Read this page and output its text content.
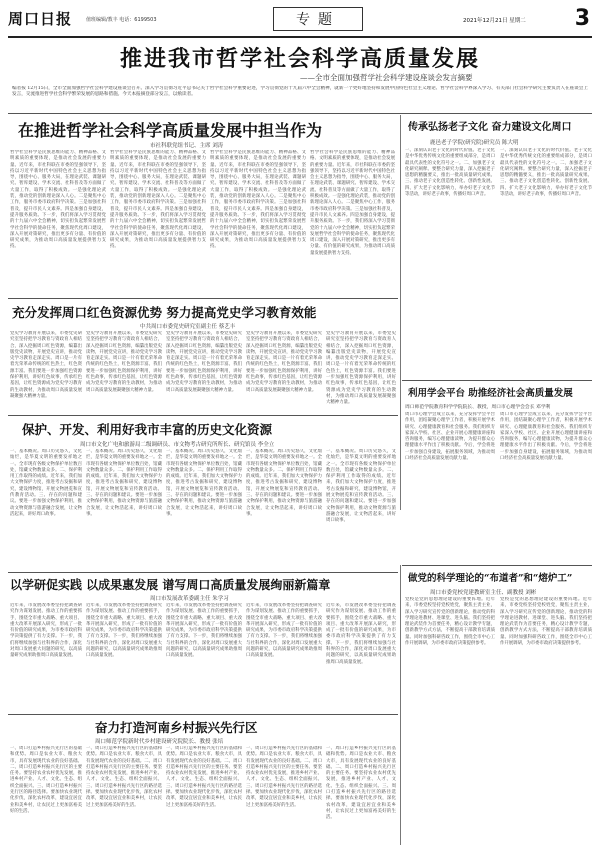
周口日报	值班编辑/教丰 电话：6199503	专题	2021年12月21日 星期二 3
推进我市哲学社会科学高质量发展
——全市全面加强哲学社会科学建设座谈会发言摘要
编者按 12月15日，全市全面加强哲学社会科学建设座谈会召开。深入学习贯彻习近平总书记关于哲学社会科学重要论述，学习贯彻党的十九届六中全会精神，就新一个更好地坚持和发展中国特色社会主义理论、哲学社会科学界深入学习、有关部门社会科学研究主要负责人在座谈会上发言，交流推进哲学社会科学繁荣发展的思路和措施。今天本报摘登部分发言，以飨读者。
在推进哲学社会科学高质量发展中担当作为
市社科联党组书记、主席 刘涛
哲学社会科学是民族思维的能力、精神品格、文明素质的重要体现，是推动社会发展的重要力量。近年来，市社科联在市委的坚强领导下，坚持以习近平新时代中国特色社会主义思想为指导，围绕中心、服务大局，在理论武装、课题研究、智库建设、学术交流、社科普及等方面做了大量工作，取得了积极成效。一是强化理论武装，推动党的创新理论深入人心。二是聚焦中心工作，服务市委市政府科学决策。三是加强社科普及，提升市民人文素养。四是加强自身建设，提升服务质效。下一步，我们将深入学习贯彻党的十九届六中全会精神，切实担负起繁荣发展哲学社会科学的使命任务，聚焦现代化周口建设，深入开展对策研究，推出更多有分量、有价值的研究成果，为推动周口高质量发展提供智力支持。
哲学社会科学是民族思维的能力、精神品格、文明素质的重要体现，是推动社会发展的重要力量。近年来，市社科联在市委的坚强领导下，坚持以习近平新时代中国特色社会主义思想为指导，围绕中心、服务大局，在理论武装、课题研究、智库建设、学术交流、社科普及等方面做了大量工作，取得了积极成效。一是强化理论武装，推动党的创新理论深入人心。二是聚焦中心工作，服务市委市政府科学决策。三是加强社科普及，提升市民人文素养。四是加强自身建设，提升服务质效。下一步，我们将深入学习贯彻党的十九届六中全会精神，切实担负起繁荣发展哲学社会科学的使命任务，聚焦现代化周口建设，深入开展对策研究，推出更多有分量、有价值的研究成果，为推动周口高质量发展提供智力支持。
哲学社会科学是民族思维的能力、精神品格、文明素质的重要体现，是推动社会发展的重要力量。近年来，市社科联在市委的坚强领导下，坚持以习近平新时代中国特色社会主义思想为指导，围绕中心、服务大局，在理论武装、课题研究、智库建设、学术交流、社科普及等方面做了大量工作，取得了积极成效。一是强化理论武装，推动党的创新理论深入人心。二是聚焦中心工作，服务市委市政府科学决策。三是加强社科普及，提升市民人文素养。四是加强自身建设，提升服务质效。下一步，我们将深入学习贯彻党的十九届六中全会精神，切实担负起繁荣发展哲学社会科学的使命任务，聚焦现代化周口建设，深入开展对策研究，推出更多有分量、有价值的研究成果，为推动周口高质量发展提供智力支持。
哲学社会科学是民族思维的能力、精神品格、文明素质的重要体现，是推动社会发展的重要力量。近年来，市社科联在市委的坚强领导下，坚持以习近平新时代中国特色社会主义思想为指导，围绕中心、服务大局，在理论武装、课题研究、智库建设、学术交流、社科普及等方面做了大量工作，取得了积极成效。一是强化理论武装，推动党的创新理论深入人心。二是聚焦中心工作，服务市委市政府科学决策。三是加强社科普及，提升市民人文素养。四是加强自身建设，提升服务质效。下一步，我们将深入学习贯彻党的十九届六中全会精神，切实担负起繁荣发展哲学社会科学的使命任务，聚焦现代化周口建设，深入开展对策研究，推出更多有分量、有价值的研究成果，为推动周口高质量发展提供智力支持。
传承弘扬老子文化 奋力建设文化周口
鹿邑老子学院(研究院)研究员 陈大明
一、深刻认识老子文化的时代价值。老子文化是中华优秀传统文化的重要组成部分，是周口最具代表性的文化符号之一。二、加强老子文化研究阐释。要整合研究力量，深入挖掘老子思想的精髓要义，推出一批高质量研究成果。三、推动老子文化创造性转化、创新性发展。四、扩大老子文化影响力，举办好老子文化节等活动，讲好老子故事，传播好周口声音。
一、深刻认识老子文化的时代价值。老子文化是中华优秀传统文化的重要组成部分，是周口最具代表性的文化符号之一。二、加强老子文化研究阐释。要整合研究力量，深入挖掘老子思想的精髓要义，推出一批高质量研究成果。三、推动老子文化创造性转化、创新性发展。四、扩大老子文化影响力，举办好老子文化节等活动，讲好老子故事，传播好周口声音。
充分发挥周口红色资源优势 努力提高党史学习教育效能
中共周口市委党史研究室副主任 蔡艺丰
党史学习教育开展以来，市委党史研究室坚持把学习教育与资政育人相结合，深入挖掘周口红色资源，编纂出版党史读物，开展党史宣讲，推动党史学习教育走深走实。周口是一片有着光荣革命传统的红色热土，红色资源丰富。我们要进一步加强红色资源保护利用，讲好红色故事，传承红色基因，让红色资源成为党史学习教育的生动教材，为推动周口高质量发展凝聚强大精神力量。
党史学习教育开展以来，市委党史研究室坚持把学习教育与资政育人相结合，深入挖掘周口红色资源，编纂出版党史读物，开展党史宣讲，推动党史学习教育走深走实。周口是一片有着光荣革命传统的红色热土，红色资源丰富。我们要进一步加强红色资源保护利用，讲好红色故事，传承红色基因，让红色资源成为党史学习教育的生动教材，为推动周口高质量发展凝聚强大精神力量。
党史学习教育开展以来，市委党史研究室坚持把学习教育与资政育人相结合，深入挖掘周口红色资源，编纂出版党史读物，开展党史宣讲，推动党史学习教育走深走实。周口是一片有着光荣革命传统的红色热土，红色资源丰富。我们要进一步加强红色资源保护利用，讲好红色故事，传承红色基因，让红色资源成为党史学习教育的生动教材，为推动周口高质量发展凝聚强大精神力量。
党史学习教育开展以来，市委党史研究室坚持把学习教育与资政育人相结合，深入挖掘周口红色资源，编纂出版党史读物，开展党史宣讲，推动党史学习教育走深走实。周口是一片有着光荣革命传统的红色热土，红色资源丰富。我们要进一步加强红色资源保护利用，讲好红色故事，传承红色基因，让红色资源成为党史学习教育的生动教材，为推动周口高质量发展凝聚强大精神力量。
党史学习教育开展以来，市委党史研究室坚持把学习教育与资政育人相结合，深入挖掘周口红色资源，编纂出版党史读物，开展党史宣讲，推动党史学习教育走深走实。周口是一片有着光荣革命传统的红色热土，红色资源丰富。我们要进一步加强红色资源保护利用，讲好红色故事，传承红色基因，让红色资源成为党史学习教育的生动教材，为推动周口高质量发展凝聚强大精神力量。
利用学会平台 助推经济社会高质量发展
周口师范学院教育科学学院院长、教授，周口市心理学会会长 邓学利
周口市心理学会成立以来，充分发挥学会平台作用，团结凝聚心理学工作者，积极开展学术研究、心理健康教育和社会服务。我们组织专家深入学校、社区、企业开展心理健康讲座和咨询服务，编写心理健康读物，为提升群众心理健康水平作出了积极贡献。今后，学会将进一步加强自身建设，拓展服务领域，为推动周口经济社会高质量发展贡献力量。
周口市心理学会成立以来，充分发挥学会平台作用，团结凝聚心理学工作者，积极开展学术研究、心理健康教育和社会服务。我们组织专家深入学校、社区、企业开展心理健康讲座和咨询服务，编写心理健康读物，为提升群众心理健康水平作出了积极贡献。今后，学会将进一步加强自身建设，拓展服务领域，为推动周口经济社会高质量发展贡献力量。
保护、开发、利用好我市丰富的历史文化资源
周口市文化广电和旅游局二级调研员、市文物考古研究所所长、研究馆员 李全立
一、基本概况。周口历史悠久，文化灿烂，是华夏文明的重要发祥地之一。全市现有各级文物保护单位数百处，馆藏文物数量众多。二、保护利用工作取得的成绩。近年来，我们加大文物保护力度，推进考古发掘和研究，建设博物馆，开展文物展览和宣传教育活动。三、存在的问题和建议。要进一步加强文物保护利用，推动文物资源与旅游融合发展，让文物活起来，讲好周口故事。
一、基本概况。周口历史悠久，文化灿烂，是华夏文明的重要发祥地之一。全市现有各级文物保护单位数百处，馆藏文物数量众多。二、保护利用工作取得的成绩。近年来，我们加大文物保护力度，推进考古发掘和研究，建设博物馆，开展文物展览和宣传教育活动。三、存在的问题和建议。要进一步加强文物保护利用，推动文物资源与旅游融合发展，让文物活起来，讲好周口故事。
一、基本概况。周口历史悠久，文化灿烂，是华夏文明的重要发祥地之一。全市现有各级文物保护单位数百处，馆藏文物数量众多。二、保护利用工作取得的成绩。近年来，我们加大文物保护力度，推进考古发掘和研究，建设博物馆，开展文物展览和宣传教育活动。三、存在的问题和建议。要进一步加强文物保护利用，推动文物资源与旅游融合发展，让文物活起来，讲好周口故事。
一、基本概况。周口历史悠久，文化灿烂，是华夏文明的重要发祥地之一。全市现有各级文物保护单位数百处，馆藏文物数量众多。二、保护利用工作取得的成绩。近年来，我们加大文物保护力度，推进考古发掘和研究，建设博物馆，开展文物展览和宣传教育活动。三、存在的问题和建议。要进一步加强文物保护利用，推动文物资源与旅游融合发展，让文物活起来，讲好周口故事。
一、基本概况。周口历史悠久，文化灿烂，是华夏文明的重要发祥地之一。全市现有各级文物保护单位数百处，馆藏文物数量众多。二、保护利用工作取得的成绩。近年来，我们加大文物保护力度，推进考古发掘和研究，建设博物馆，开展文物展览和宣传教育活动。三、存在的问题和建议。要进一步加强文物保护利用，推动文物资源与旅游融合发展，让文物活起来，讲好周口故事。
以学研促实践 以成果惠发展 谱写周口高质量发展绚丽新篇章
周口市发展改革委副主任 朱学习
近年来，市发展改革委坚持把调查研究作为谋划发展、推动工作的重要抓手，围绕全市重大战略、重大项目、重大改革开展深入研究，形成了一批有价值的研究成果，为市委市政府科学决策提供了有力支撑。下一步，我们将继续加强与社科界的合作，深化对周口发展重大问题的研究，以高质量研究成果助推周口高质量发展。
近年来，市发展改革委坚持把调查研究作为谋划发展、推动工作的重要抓手，围绕全市重大战略、重大项目、重大改革开展深入研究，形成了一批有价值的研究成果，为市委市政府科学决策提供了有力支撑。下一步，我们将继续加强与社科界的合作，深化对周口发展重大问题的研究，以高质量研究成果助推周口高质量发展。
近年来，市发展改革委坚持把调查研究作为谋划发展、推动工作的重要抓手，围绕全市重大战略、重大项目、重大改革开展深入研究，形成了一批有价值的研究成果，为市委市政府科学决策提供了有力支撑。下一步，我们将继续加强与社科界的合作，深化对周口发展重大问题的研究，以高质量研究成果助推周口高质量发展。
近年来，市发展改革委坚持把调查研究作为谋划发展、推动工作的重要抓手，围绕全市重大战略、重大项目、重大改革开展深入研究，形成了一批有价值的研究成果，为市委市政府科学决策提供了有力支撑。下一步，我们将继续加强与社科界的合作，深化对周口发展重大问题的研究，以高质量研究成果助推周口高质量发展。
近年来，市发展改革委坚持把调查研究作为谋划发展、推动工作的重要抓手，围绕全市重大战略、重大项目、重大改革开展深入研究，形成了一批有价值的研究成果，为市委市政府科学决策提供了有力支撑。下一步，我们将继续加强与社科界的合作，深化对周口发展重大问题的研究，以高质量研究成果助推周口高质量发展。
做党的科学理论的“布道者”和“熔炉工”
周口市委党校党建教研室主任、副教授 刘彬
党校是党的思想理论建设的重要阵地。近年来，市委党校坚持党校姓党，聚焦主责主业，深入学习研究宣传党的创新理论，推动党的科学理论进教材、进课堂、进头脑。我们坚持把理论武装作为首要任务，精心设计教学专题，创新教学方式方法，不断提高干部教育培训质量。同时加强科研咨政工作，围绕全市中心工作开展调研，为市委市政府决策提供参考。
党校是党的思想理论建设的重要阵地。近年来，市委党校坚持党校姓党，聚焦主责主业，深入学习研究宣传党的创新理论，推动党的科学理论进教材、进课堂、进头脑。我们坚持把理论武装作为首要任务，精心设计教学专题，创新教学方式方法，不断提高干部教育培训质量。同时加强科研咨政工作，围绕全市中心工作开展调研，为市委市政府决策提供参考。
奋力打造河南乡村振兴先行区
周口师范学院新时代乡村建设研究院院长、教授 张培
一、周口打造乡村振兴先行区的基础和优势。周口是农业大市、粮食大市，具有发展现代农业的良好基础。二、周口打造乡村振兴先行区的主要任务。要坚持农业农村优先发展，推进乡村产业、人才、文化、生态、组织全面振兴。三、周口打造乡村振兴先行区的路径选择。要加快农业现代化步伐，深化农村改革，建设宜居宜业和美乡村，让农民过上更加富裕美好的生活。
一、周口打造乡村振兴先行区的基础和优势。周口是农业大市、粮食大市，具有发展现代农业的良好基础。二、周口打造乡村振兴先行区的主要任务。要坚持农业农村优先发展，推进乡村产业、人才、文化、生态、组织全面振兴。三、周口打造乡村振兴先行区的路径选择。要加快农业现代化步伐，深化农村改革，建设宜居宜业和美乡村，让农民过上更加富裕美好的生活。
一、周口打造乡村振兴先行区的基础和优势。周口是农业大市、粮食大市，具有发展现代农业的良好基础。二、周口打造乡村振兴先行区的主要任务。要坚持农业农村优先发展，推进乡村产业、人才、文化、生态、组织全面振兴。三、周口打造乡村振兴先行区的路径选择。要加快农业现代化步伐，深化农村改革，建设宜居宜业和美乡村，让农民过上更加富裕美好的生活。
一、周口打造乡村振兴先行区的基础和优势。周口是农业大市、粮食大市，具有发展现代农业的良好基础。二、周口打造乡村振兴先行区的主要任务。要坚持农业农村优先发展，推进乡村产业、人才、文化、生态、组织全面振兴。三、周口打造乡村振兴先行区的路径选择。要加快农业现代化步伐，深化农村改革，建设宜居宜业和美乡村，让农民过上更加富裕美好的生活。
一、周口打造乡村振兴先行区的基础和优势。周口是农业大市、粮食大市，具有发展现代农业的良好基础。二、周口打造乡村振兴先行区的主要任务。要坚持农业农村优先发展，推进乡村产业、人才、文化、生态、组织全面振兴。三、周口打造乡村振兴先行区的路径选择。要加快农业现代化步伐，深化农村改革，建设宜居宜业和美乡村，让农民过上更加富裕美好的生活。
